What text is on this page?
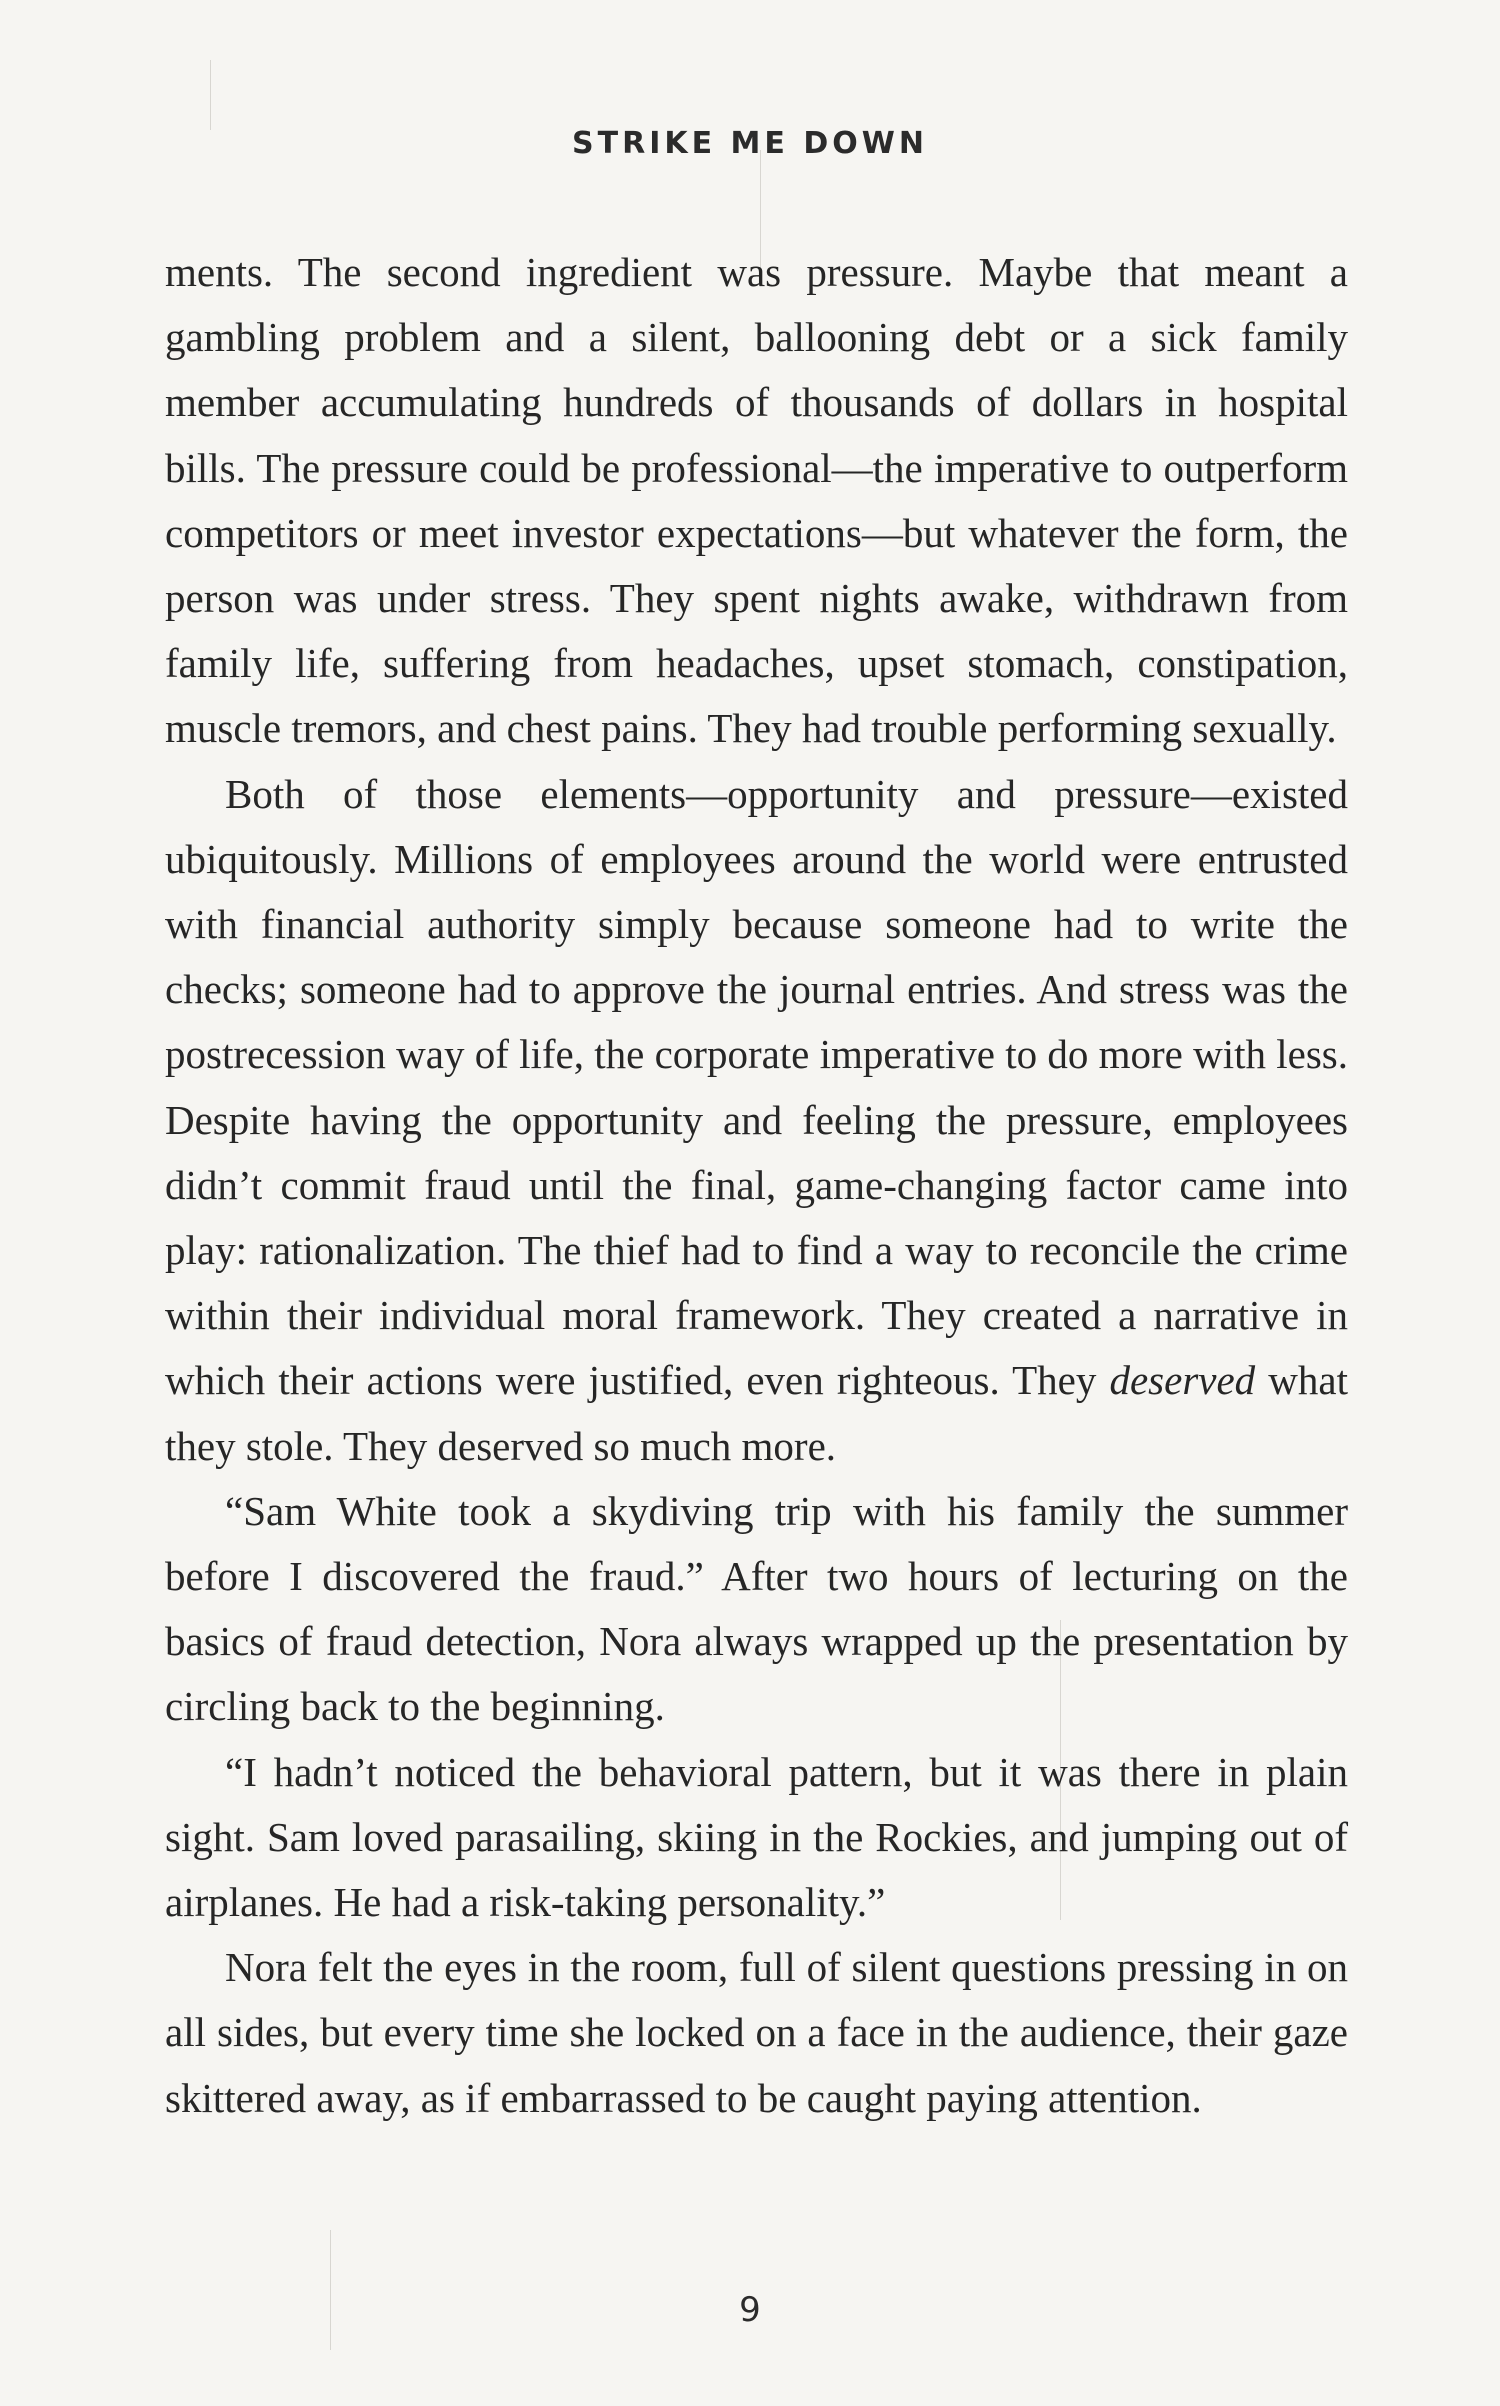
STRIKE ME DOWN

ments. The second ingredient was pressure. Maybe that meant a gambling problem and a silent, ballooning debt or a sick family member accumulating hundreds of thousands of dollars in hospital bills. The pressure could be professional—the imperative to outperform competitors or meet investor expectations—but whatever the form, the person was under stress. They spent nights awake, withdrawn from family life, suffering from headaches, upset stomach, constipation, muscle tremors, and chest pains. They had trouble performing sexually.

Both of those elements—opportunity and pressure—existed ubiquitously. Millions of employees around the world were entrusted with financial authority simply because someone had to write the checks; someone had to approve the journal entries. And stress was the postrecession way of life, the corporate imperative to do more with less. Despite having the opportunity and feeling the pressure, employees didn’t commit fraud until the final, game-changing factor came into play: rationalization. The thief had to find a way to reconcile the crime within their individual moral framework. They created a narrative in which their actions were justified, even righteous. They deserved what they stole. They deserved so much more.

“Sam White took a skydiving trip with his family the summer before I discovered the fraud.” After two hours of lecturing on the basics of fraud detection, Nora always wrapped up the presentation by circling back to the beginning.

“I hadn’t noticed the behavioral pattern, but it was there in plain sight. Sam loved parasailing, skiing in the Rockies, and jumping out of airplanes. He had a risk-taking personality.”

Nora felt the eyes in the room, full of silent questions pressing in on all sides, but every time she locked on a face in the audience, their gaze skittered away, as if embarrassed to be caught paying attention.

9
